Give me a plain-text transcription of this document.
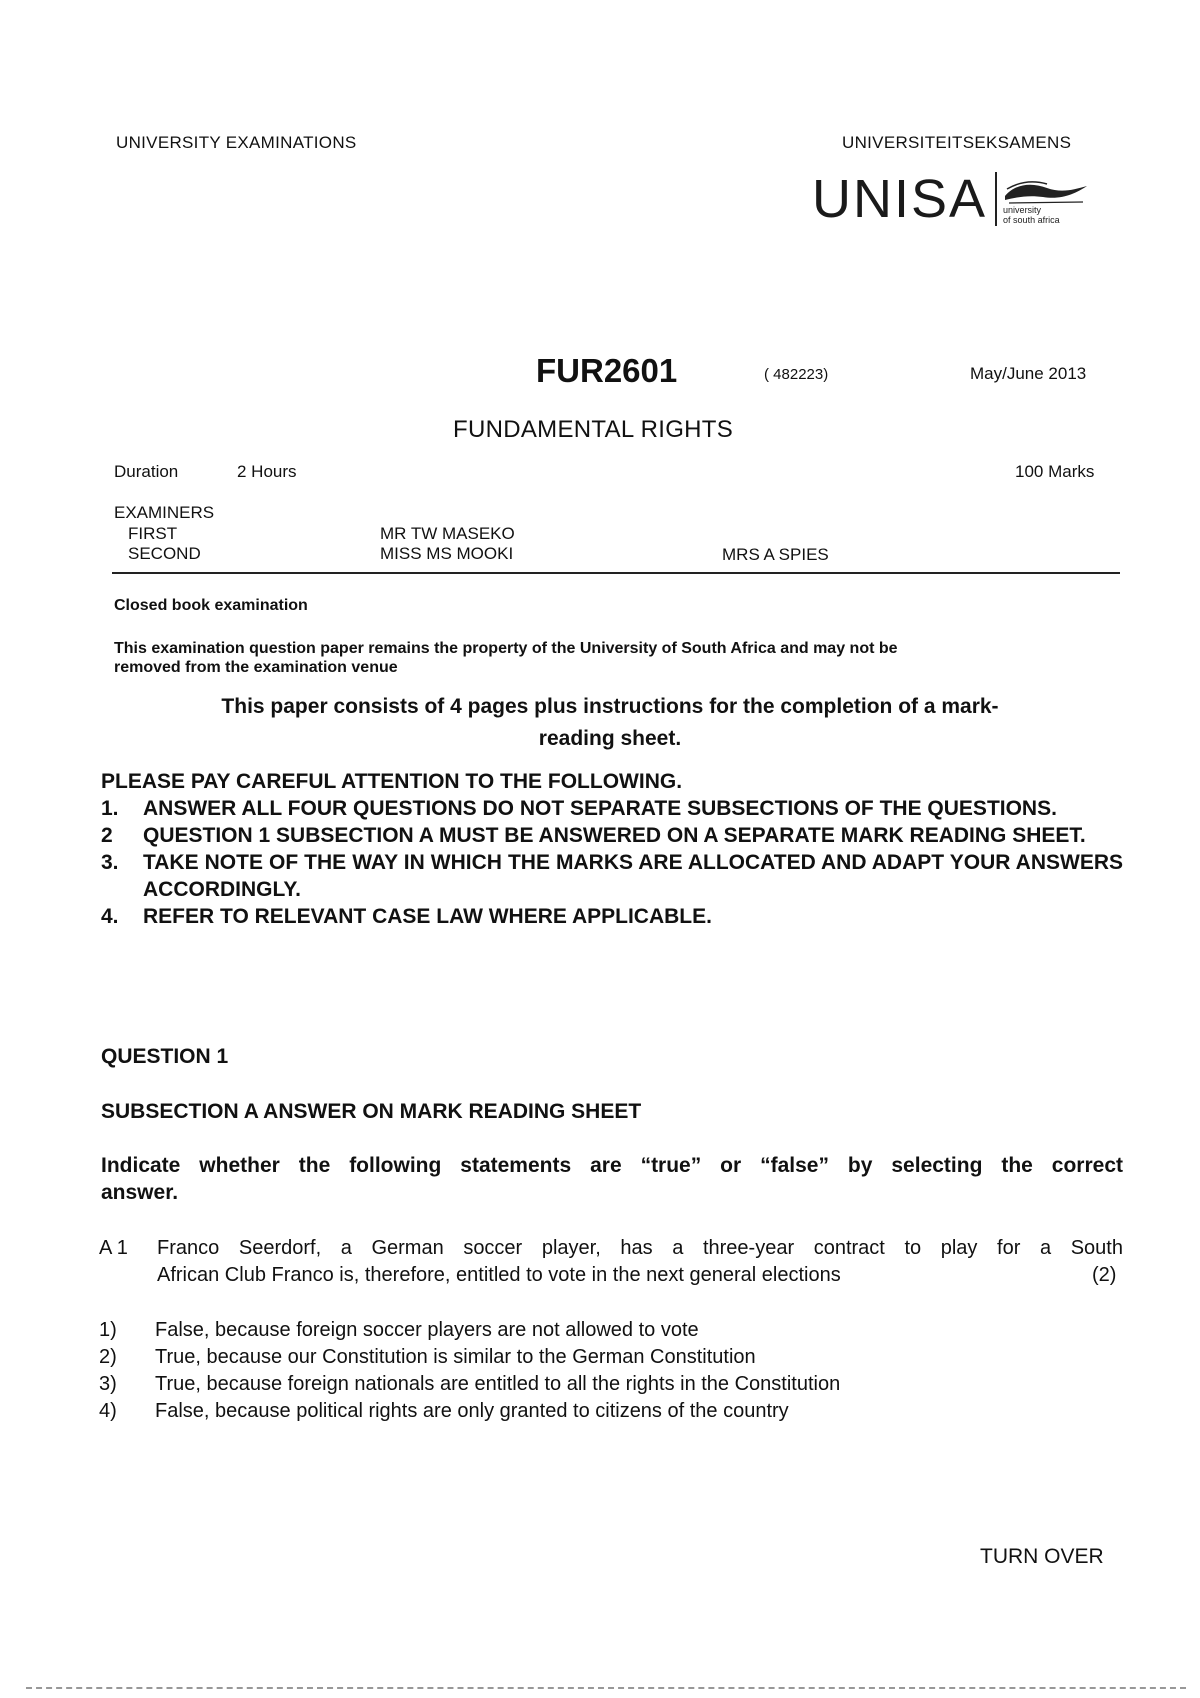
UNIVERSITY EXAMINATIONS	UNIVERSITEITSEKSAMENS
UNISA university
of south africa
FUR2601	( 482223)	May/June 2013
FUNDAMENTAL RIGHTS
Duration	2 Hours	100 Marks
EXAMINERS
FIRST	MR TW MASEKO
SECOND	MISS MS MOOKI	MRS A SPIES
Closed book examination
This examination question paper remains the property of the University of South Africa and may not be
removed from the examination venue
This paper consists of 4 pages plus instructions for the completion of a mark-
reading sheet.
PLEASE PAY CAREFUL ATTENTION TO THE FOLLOWING.
1.	ANSWER ALL FOUR QUESTIONS DO NOT SEPARATE SUBSECTIONS OF THE QUESTIONS.
2	QUESTION 1 SUBSECTION A MUST BE ANSWERED ON A SEPARATE MARK READING SHEET.
3.	TAKE NOTE OF THE WAY IN WHICH THE MARKS ARE ALLOCATED AND ADAPT YOUR ANSWERS ACCORDINGLY.
4.	REFER TO RELEVANT CASE LAW WHERE APPLICABLE.
QUESTION 1
SUBSECTION A ANSWER ON MARK READING SHEET
Indicate whether the following statements are “true” or “false” by selecting the correct
answer.
A 1 Franco Seerdorf, a German soccer player, has a three-year contract to play for a South
African Club Franco is, therefore, entitled to vote in the next general elections	(2)
1)	False, because foreign soccer players are not allowed to vote
2)	True, because our Constitution is similar to the German Constitution
3)	True, because foreign nationals are entitled to all the rights in the Constitution
4)	False, because political rights are only granted to citizens of the country
TURN OVER
